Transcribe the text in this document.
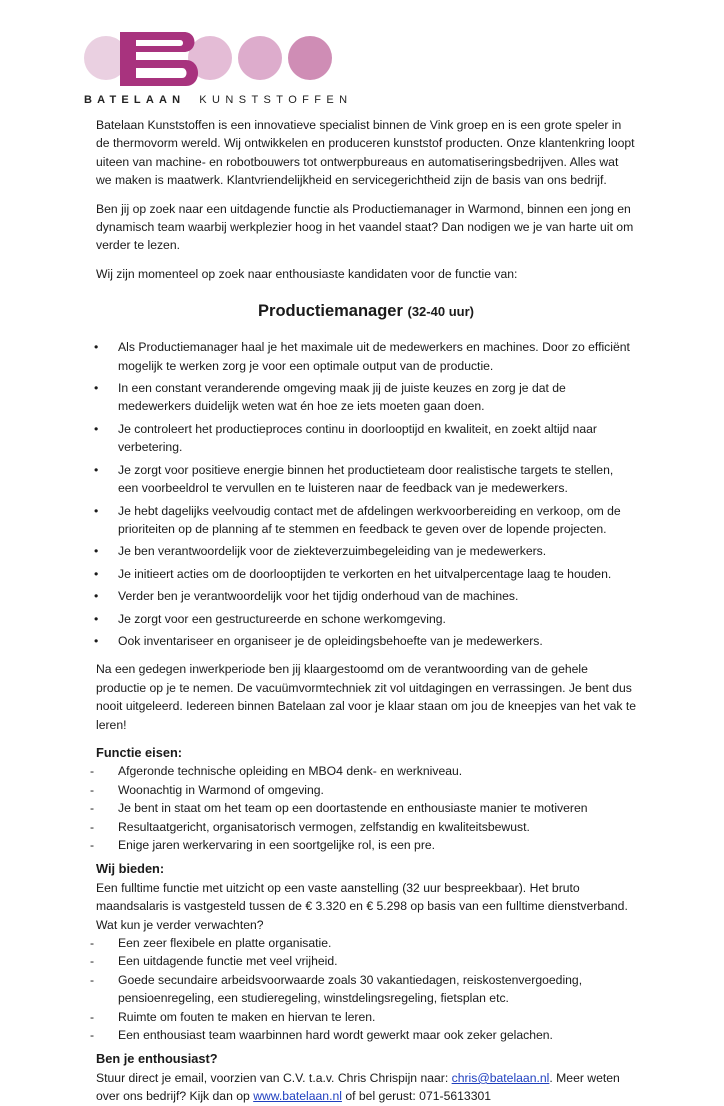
BATELAAN KUNSTSTOFFEN

Batelaan Kunststoffen is een innovatieve specialist binnen de Vink groep en is een grote speler in de thermovorm wereld. Wij ontwikkelen en produceren kunststof producten. Onze klantenkring loopt uiteen van machine- en robotbouwers tot ontwerpbureaus en automatiseringsbedrijven. Alles wat we maken is maatwerk. Klantvriendelijkheid en servicegerichtheid zijn de basis van ons bedrijf.

Ben jij op zoek naar een uitdagende functie als Productiemanager in Warmond, binnen een jong en dynamisch team waarbij werkplezier hoog in het vaandel staat? Dan nodigen we je van harte uit om verder te lezen.

Wij zijn momenteel op zoek naar enthousiaste kandidaten voor de functie van:

Productiemanager (32-40 uur)
• Als Productiemanager haal je het maximale uit de medewerkers en machines. Door zo efficiënt mogelijk te werken zorg je voor een optimale output van de productie.
• In een constant veranderende omgeving maak jij de juiste keuzes en zorg je dat de medewerkers duidelijk weten wat én hoe ze iets moeten gaan doen.
• Je controleert het productieproces continu in doorlooptijd en kwaliteit, en zoekt altijd naar verbetering.
• Je zorgt voor positieve energie binnen het productieteam door realistische targets te stellen, een voorbeeldrol te vervullen en te luisteren naar de feedback van je medewerkers.
• Je hebt dagelijks veelvoudig contact met de afdelingen werkvoorbereiding en verkoop, om de prioriteiten op de planning af te stemmen en feedback te geven over de lopende projecten.
• Je ben verantwoordelijk voor de ziekteverzuimbegeleiding van je medewerkers.
• Je initieert acties om de doorlooptijden te verkorten en het uitvalpercentage laag te houden.
• Verder ben je verantwoordelijk voor het tijdig onderhoud van de machines.
• Je zorgt voor een gestructureerde en schone werkomgeving.
• Ook inventariseer en organiseer je de opleidingsbehoefte van je medewerkers.

Na een gedegen inwerkperiode ben jij klaargestoomd om de verantwoording van de gehele productie op je te nemen. De vacuümvormtechniek zit vol uitdagingen en verrassingen. Je bent dus nooit uitgeleerd. Iedereen binnen Batelaan zal voor je klaar staan om jou de kneepjes van het vak te leren!

Functie eisen:
- Afgeronde technische opleiding en MBO4 denk- en werkniveau.
- Woonachtig in Warmond of omgeving.
- Je bent in staat om het team op een doortastende en enthousiaste manier te motiveren
- Resultaatgericht, organisatorisch vermogen, zelfstandig en kwaliteitsbewust.
- Enige jaren werkervaring in een soortgelijke rol, is een pre.
Wij bieden:

Een fulltime functie met uitzicht op een vaste aanstelling (32 uur bespreekbaar). Het bruto maandsalaris is vastgesteld tussen de € 3.320 en € 5.298 op basis van een fulltime dienstverband. Wat kun je verder verwachten?

- Een zeer flexibele en platte organisatie.
- Een uitdagende functie met veel vrijheid.
- Goede secundaire arbeidsvoorwaarde zoals 30 vakantiedagen, reiskostenvergoeding, pensioenregeling, een studieregeling, winstdelingsregeling, fietsplan etc.
- Ruimte om fouten te maken en hiervan te leren.
- Een enthousiast team waarbinnen hard wordt gewerkt maar ook zeker gelachen.
Ben je enthousiast?

Stuur direct je email, voorzien van C.V. t.a.v. Chris Chrispijn naar: chris@batelaan.nl. Meer weten over ons bedrijf? Kijk dan op www.batelaan.nl of bel gerust: 071-5613301
